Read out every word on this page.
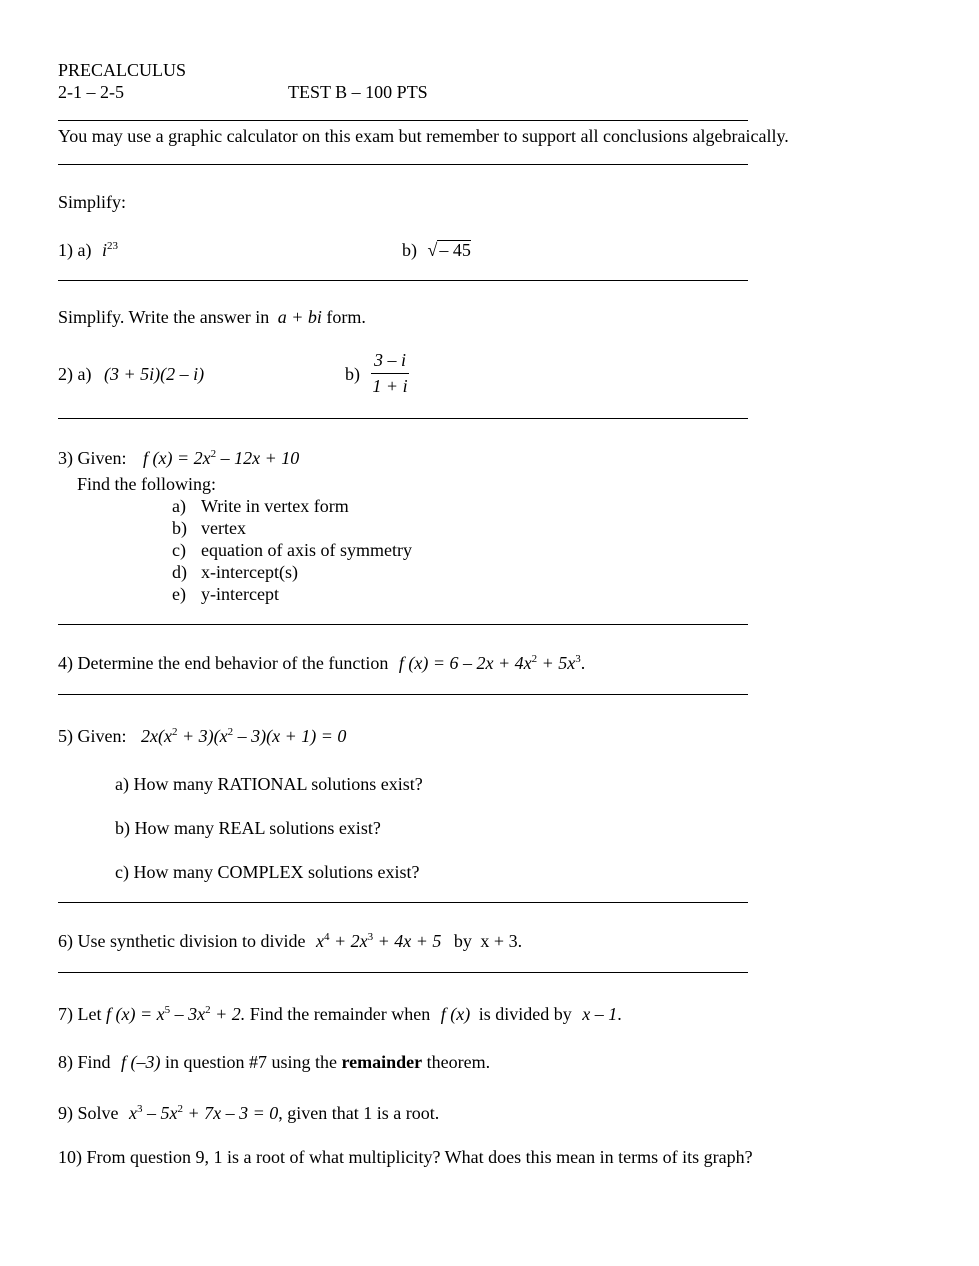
PRECALCULUS
2-1 – 2-5	TEST B – 100 PTS
You may use a graphic calculator on this exam but remember to support all conclusions algebraically.
Simplify:
1) a) $i^{23}$	b) √ – 45
Simplify. Write the answer in a + bi form.
2) a) (3 + 5i)(2 – i)	$b) \frac{3 - i}{1 + i}$
3) Given: f $(x) = 2x^2 - 12x + 10$
Find the following:
a) Write in vertex form
b) vertex
c) equation of axis of symmetry
d) x-intercept(s)
e) y-intercept
4) Determine the end behavior of the function f $(x) = 6 - 2x + 4x^2 + 5x^3$.
5) Given: $2x(x^2 + 3)(x^2 - 3)(x + 1) = 0$
a) How many RATIONAL solutions exist?
b) How many REAL solutions exist?
c) How many COMPLEX solutions exist?
6) Use synthetic division to divide $x^4 + 2x^3 + 4x + 5$ by x + 3.
7) Let f $(x) = x^5 - 3x^2 + 2$. Find the remainder when f (x) is divided by x – 1.
8) Find f (–3) in question #7 using the remainder theorem.
9) Solve $x^3 - 5x^2 + 7x - 3 = 0$, given that 1 is a root.
10) From question 9, 1 is a root of what multiplicity? What does this mean in terms of its graph?
